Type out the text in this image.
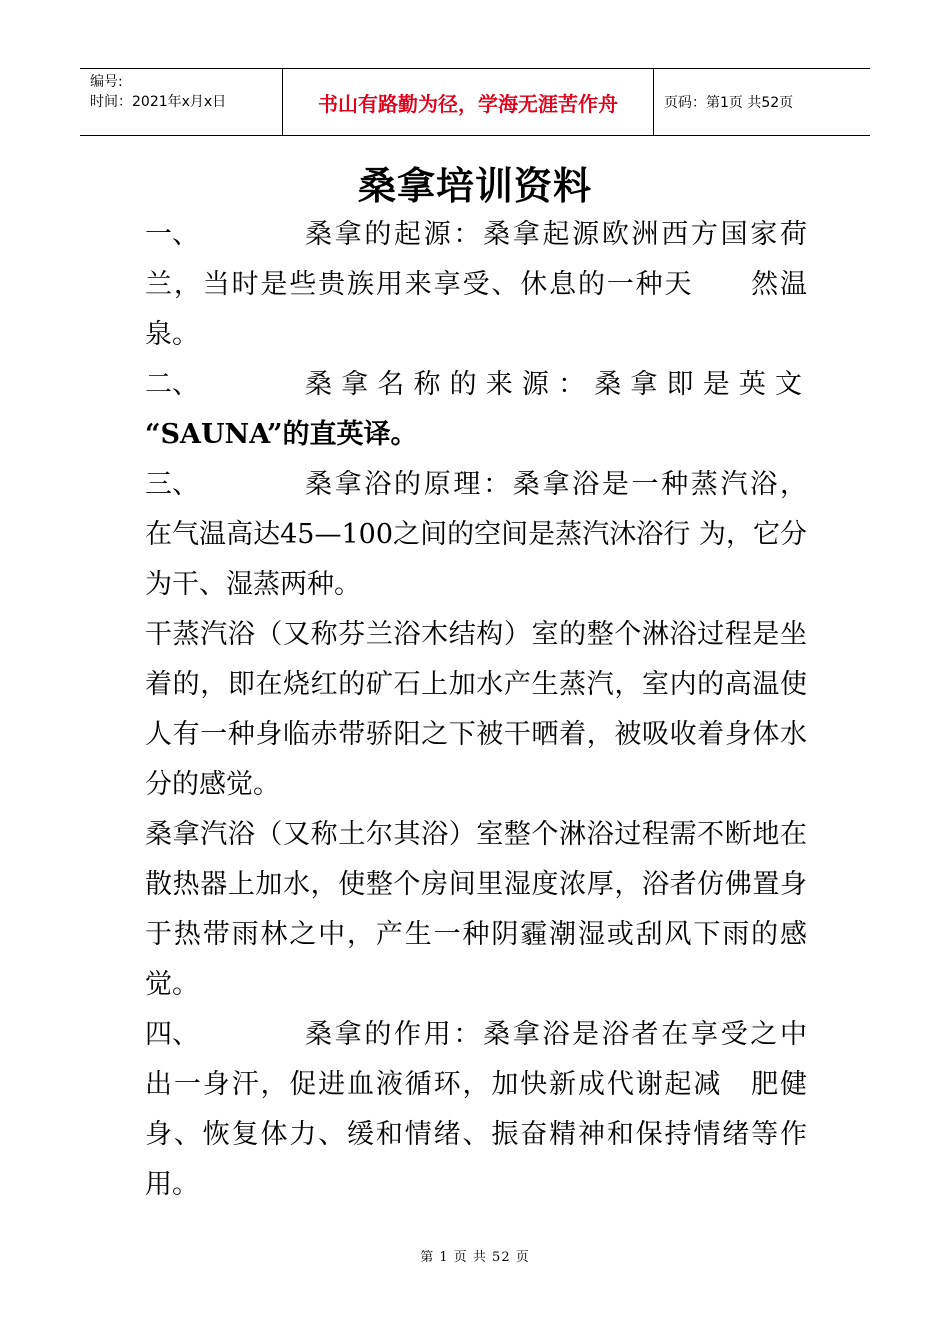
编号:
时间：2021年x月x日	书山有路勤为径，学海无涯苦作舟	页码：第1页 共52页
桑拿培训资料

一、	桑拿的起源：桑拿起源欧洲西方国家荷
兰，当时是些贵族用来享受、休息的一种天　　然温泉。

二、	桑拿名称的来源：桑拿即是英文
“SAUNA”的直英译。

三、	桑拿浴的原理：桑拿浴是一种蒸汽浴，
在气温高达45—100之间的空间是蒸汽沐浴行 为，它分为干、湿蒸两种。

干蒸汽浴（又称芬兰浴木结构）室的整个淋浴过程是坐着的，即在烧红的矿石上加水产生蒸汽，室内的高温使人有一种身临赤带骄阳之下被干晒着，被吸收着身体水分的感觉。

桑拿汽浴（又称土尔其浴）室整个淋浴过程需不断地在散热器上加水，使整个房间里湿度浓厚，浴者仿佛置身于热带雨林之中，产生一种阴霾潮湿或刮风下雨的感觉。

四、	桑拿的作用：桑拿浴是浴者在享受之中
出一身汗，促进血液循环，加快新成代谢起减　肥健身、恢复体力、缓和情绪、振奋精神和保持情绪等作用。

第 1 页 共 52 页
